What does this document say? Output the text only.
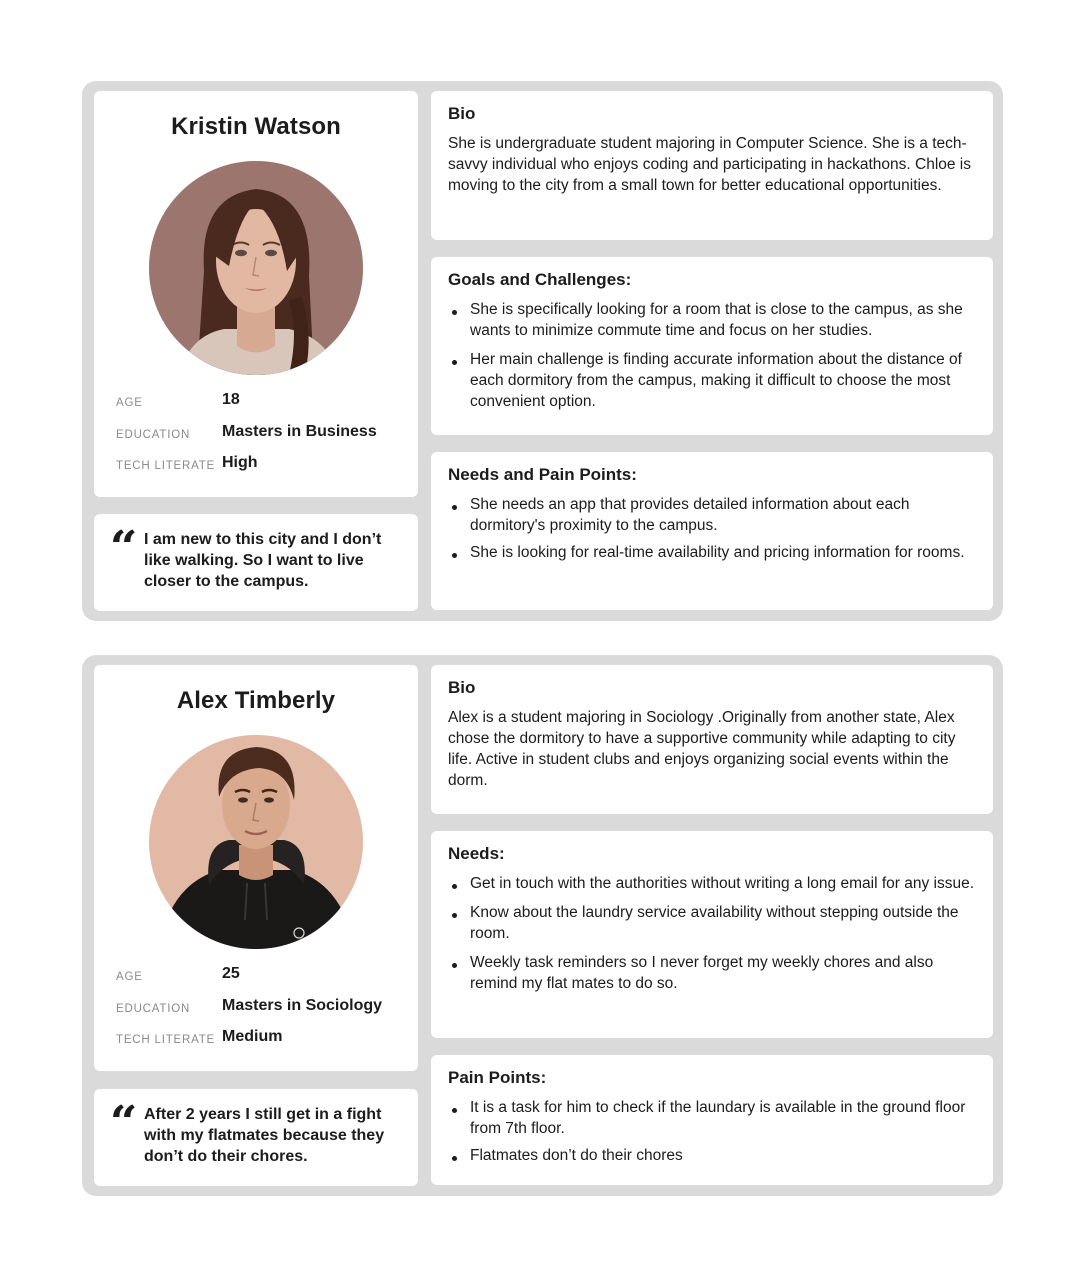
Kristin Watson
AGE	18
EDUCATION Masters in Business
TECH LITERATE High
“ I am new to this city and I don’t like walking. So I want to live closer to the campus.
Bio

She is undergraduate student majoring in Computer Science. She is a tech-savvy individual who enjoys coding and participating in hackathons. Chloe is moving to the city from a small town for better educational opportunities.

Goals and Challenges:
She is specifically looking for a room that is close to the campus, as she wants to minimize commute time and focus on her studies.
Her main challenge is finding accurate information about the distance of each dormitory from the campus, making it difficult to choose the most convenient option.
Needs and Pain Points:
She needs an app that provides detailed information about each dormitory's proximity to the campus.
She is looking for real-time availability and pricing information for rooms.
Alex Timberly
AGE	25
EDUCATION Masters in Sociology
TECH LITERATE Medium
“ After 2 years I still get in a fight with my flatmates because they don’t do their chores.
Bio

Alex is a student majoring in Sociology .Originally from another state, Alex chose the dormitory to have a supportive community while adapting to city life. Active in student clubs and enjoys organizing social events within the dorm.

Needs:
Get in touch with the authorities without writing a long email for any issue.
Know about the laundry service availability without stepping outside the room.
Weekly task reminders so I never forget my weekly chores and also remind my flat mates to do so.
Pain Points:
It is a task for him to check if the laundary is available in the ground floor from 7th floor.
Flatmates don’t do their chores
